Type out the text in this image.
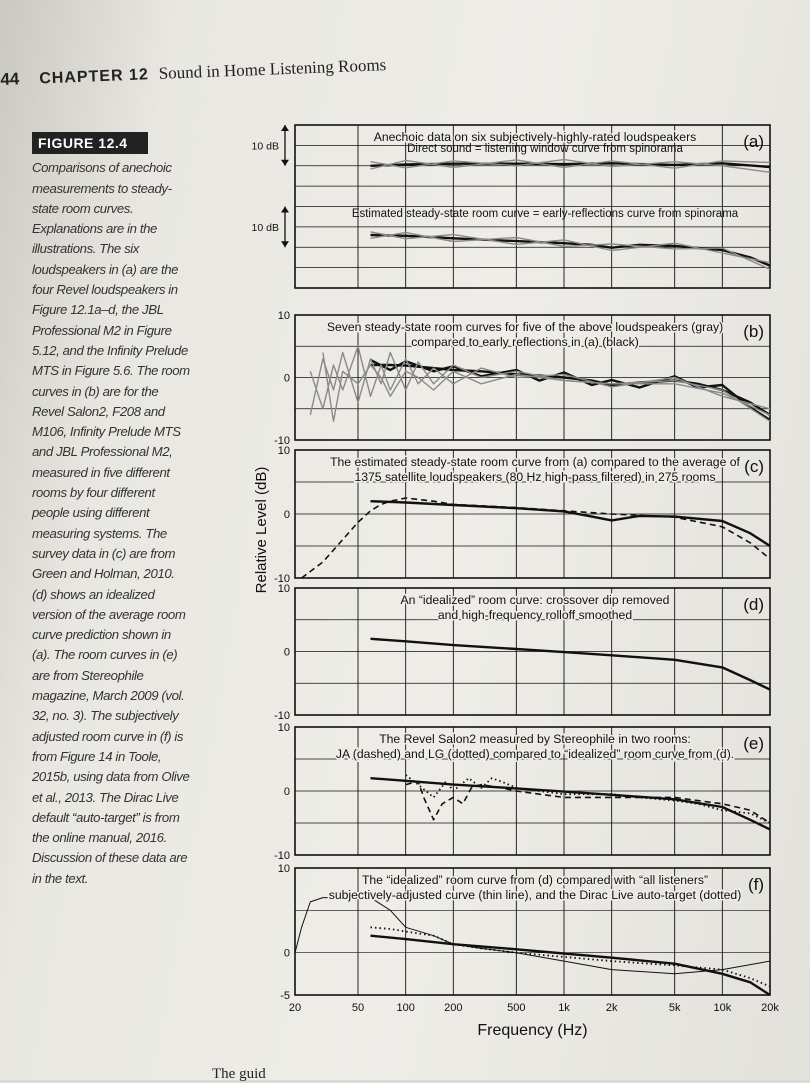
44 CHAPTER 12 Sound in Home Listening Rooms
FIGURE 12.4
Comparisons of anechoic measurements to steady-state room curves. Explanations are in the illustrations. The six loudspeakers in (a) are the four Revel loudspeakers in Figure 12.1a–d, the JBL Professional M2 in Figure 5.12, and the Infinity Prelude MTS in Figure 5.6. The room curves in (b) are for the Revel Salon2, F208 and M106, Infinity Prelude MTS and JBL Professional M2, measured in five different rooms by four different people using different measuring systems. The survey data in (c) are from Green and Holman, 2010. (d) shows an idealized version of the average room curve prediction shown in (a). The room curves in (e) are from Stereophile magazine, March 2009 (vol. 32, no. 3). The subjectively adjusted room curve in (f) is from Figure 14 in Toole, 2015b, using data from Olive et al., 2013. The Dirac Live default “auto-target” is from the online manual, 2016. Discussion of these data are in the text.
10 dB
10 dB
Direct sound = listening window curve from spinorama
Estimated steady-state room curve = early-reflections curve from spinorama
Anechoic data on six subjectively-highly-rated loudspeakers	(a)
10
0
-10
Seven steady-state room curves for five of the above loudspeakers (gray)
compared to early reflections in (a) (black)
(b)
10
0
-10
The estimated steady-state room curve from (a) compared to the average of
1375 satellite loudspeakers (80 Hz high-pass filtered) in 275 rooms
(c)
10
0
-10
An “idealized” room curve: crossover dip removed
and high-frequency rolloff smoothed
(d)
10
0
-10
The Revel Salon2 measured by Stereophile in two rooms:
JA (dashed) and LG (dotted) compared to “idealized” room curve from (d).
(e)
10
0
-5
The “idealized” room curve from (d) compared with “all listeners”
subjectively-adjusted curve (thin line), and the Dirac Live auto-target (dotted)
(f)
20	50	100	200	500	1k	2k	5k	10k	20k
Frequency (Hz)
Relative Level (dB)
The guid
